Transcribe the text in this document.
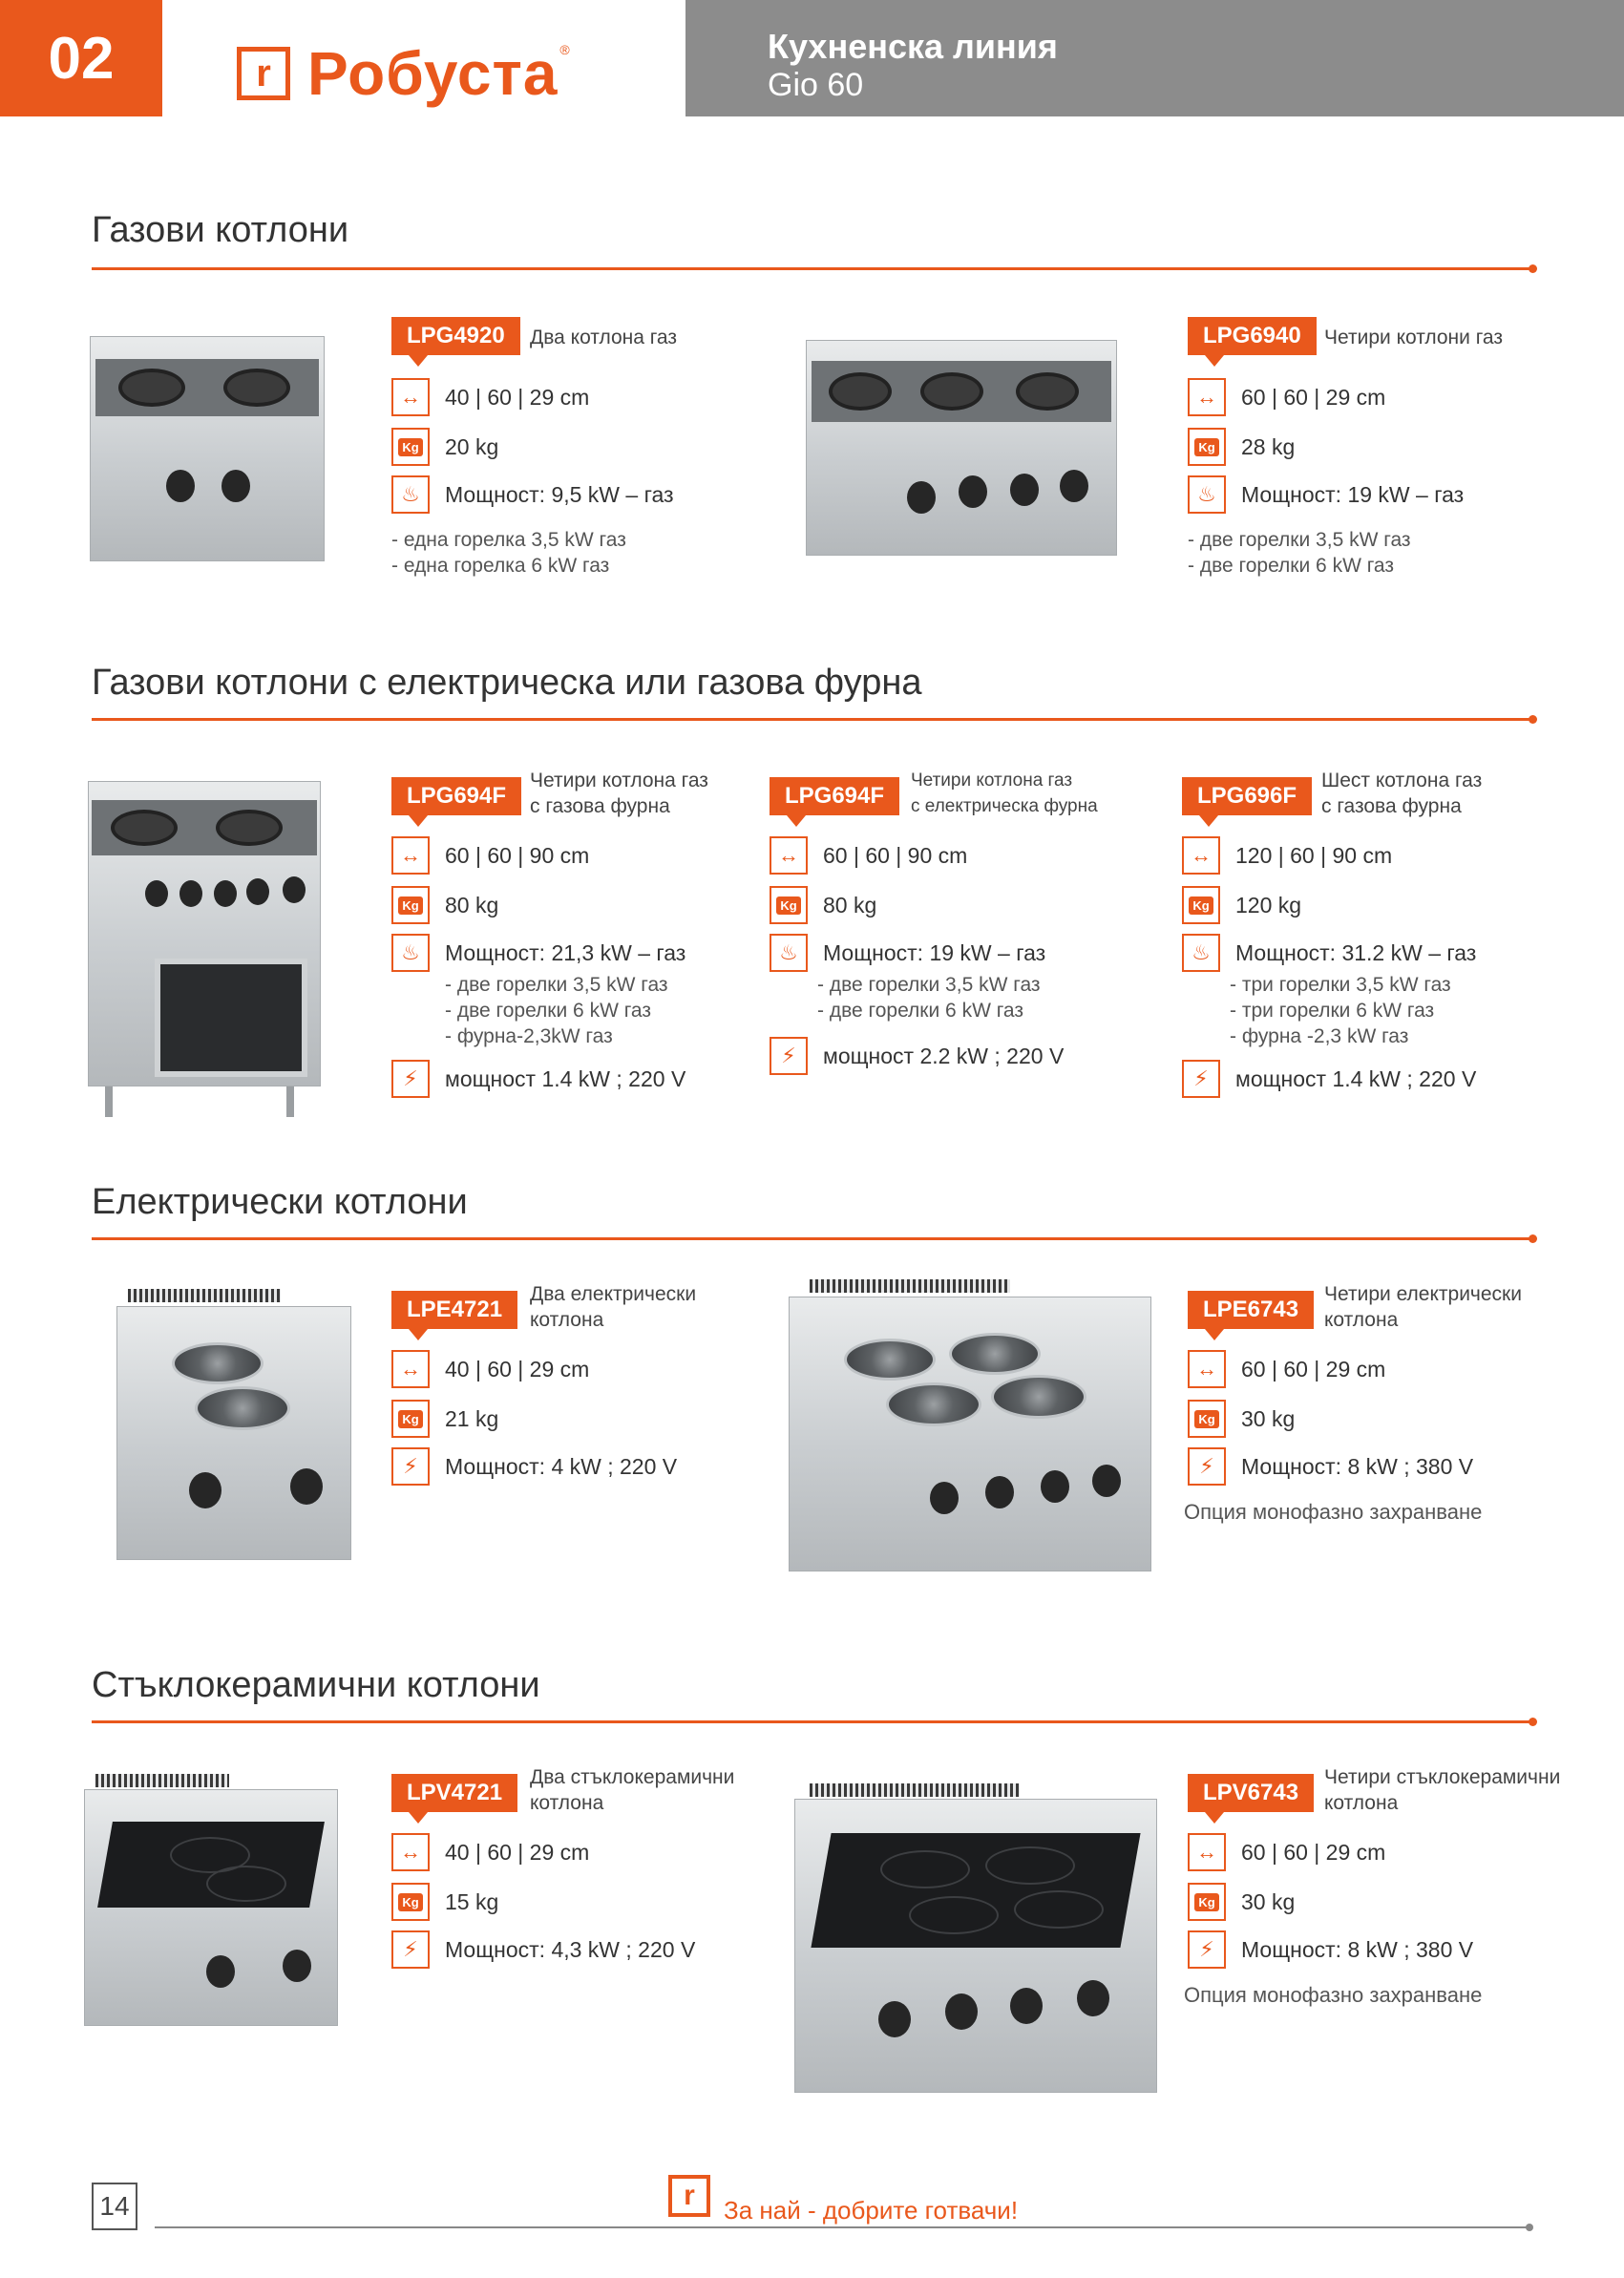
02	r Робуста ®	Кухненска линия
Gio 60
Газови котлони
LPG4920 Два котлона газ
↔	40 | 60 | 29 cm
Kg 20 kg
♨	Мощност: 9,5 kW – газ
- една горелка 3,5 kW газ
- една горелка 6 kW газ
LPG6940 Четири котлони газ
↔	60 | 60 | 29 cm
Kg 28 kg
♨	Мощност: 19 kW – газ
- две горелки 3,5 kW газ
- две горелки 6 kW газ
Газови котлони с електрическа или газова фурна
LPG694F
Четири котлона газ
с газова фурна
↔	60 | 60 | 90 cm
Kg 80 kg
♨	Мощност: 21,3 kW – газ
- две горелки 3,5 kW газ
- две горелки 6 kW газ
- фурна-2,3kW газ
⚡	мощност 1.4 kW ; 220 V
LPG694F
Четири котлона газ
с електрическа фурна
↔	60 | 60 | 90 cm
Kg 80 kg
♨	Мощност: 19 kW – газ
- две горелки 3,5 kW газ
- две горелки 6 kW газ
⚡	мощност 2.2 kW ; 220 V
LPG696F
Шест котлона газ
с газова фурна
↔	120 | 60 | 90 cm
Kg 120 kg
♨	Мощност: 31.2 kW – газ
- три горелки 3,5 kW газ
- три горелки 6 kW газ
- фурна -2,3 kW газ
⚡	мощност 1.4 kW ; 220 V
Електрически котлони
LPE4721
Два електрически
котлона
↔	40 | 60 | 29 cm
Kg 21 kg
⚡	Мощност: 4 kW ; 220 V
LPE6743
Четири електрически
котлона
↔	60 | 60 | 29 cm
Kg 30 kg
⚡	Мощност: 8 kW ; 380 V
Опция монофазно захранване
Стъклокерамични котлони
LPV4721
Два стъклокерамични
котлона
↔	40 | 60 | 29 cm
Kg 15 kg
⚡	Мощност: 4,3 kW ; 220 V
LPV6743
Четири стъклокерамични
котлона
↔	60 | 60 | 29 cm
Kg 30 kg
⚡	Мощност: 8 kW ; 380 V
Опция монофазно захранване
14	r	За най - добрите готвачи!
